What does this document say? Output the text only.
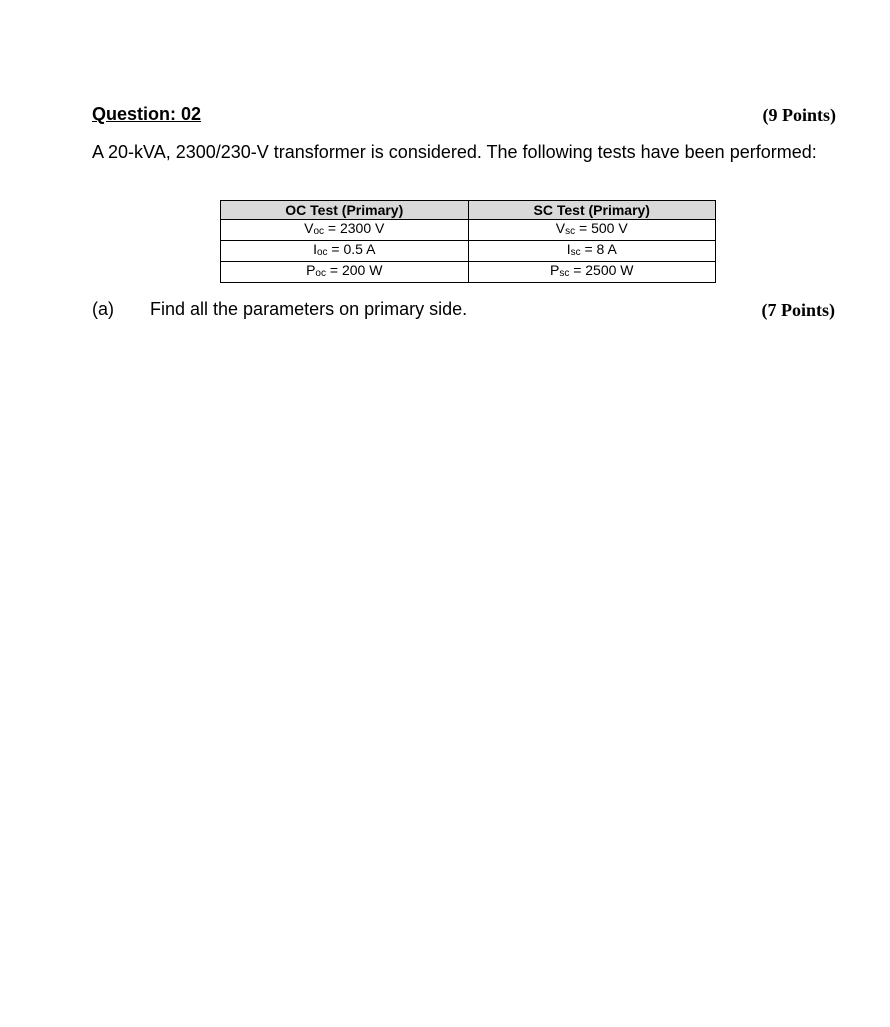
Question: 02	(9 Points)
A 20-kVA, 2300/230-V transformer is considered. The following tests have been performed:
OC Test (Primary)	SC Test (Primary)
$V_{oc} = 2300$ V	$V_{sc} = 500$ V
$I_{oc} = 0.5$ A	$I_{sc} = 8$ A
$P_{oc} = 200$ W	$P_{sc} = 2500$ W
(a) Find all the parameters on primary side.	(7 Points)
